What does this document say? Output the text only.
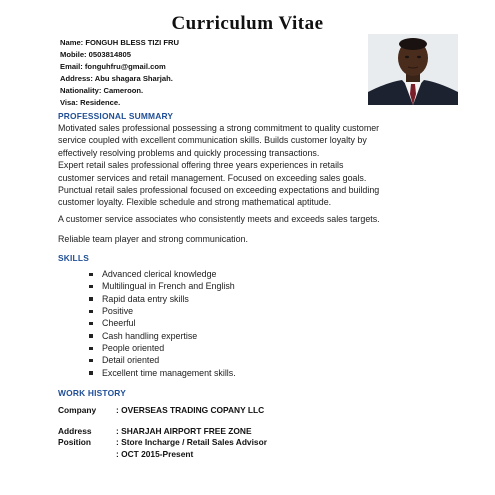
Curriculum Vitae
Name: FONGUH BLESS TIZI FRU
Mobile: 0503814805
Email: fonguhfru@gmail.com
Address: Abu shagara Sharjah.
Nationality: Cameroon.
Visa: Residence.
PROFESSIONAL SUMMARY
Motivated sales professional possessing a strong commitment to quality customer
service coupled with excellent communication skills. Builds customer loyalty by
effectively resolving problems and quickly processing transactions.
Expert retail sales professional offering three years experiences in retails
customer services and retail management. Focused on exceeding sales goals.
Punctual retail sales professional focused on exceeding expectations and building
customer loyalty. Flexible schedule and strong mathematical aptitude.
A customer service associates who consistently meets and exceeds sales targets.
Reliable team player and strong communication.
SKILLS
Advanced clerical knowledge
Multilingual in French and English
Rapid data entry skills
Positive
Cheerful
Cash handling expertise
People oriented
Detail oriented
Excellent time management skills.
WORK HISTORY
Company : OVERSEAS TRADING COPANY LLC
Address	: SHARJAH AIRPORT FREE ZONE
Position	: Store Incharge / Retail Sales Advisor
: OCT 2015-Present
